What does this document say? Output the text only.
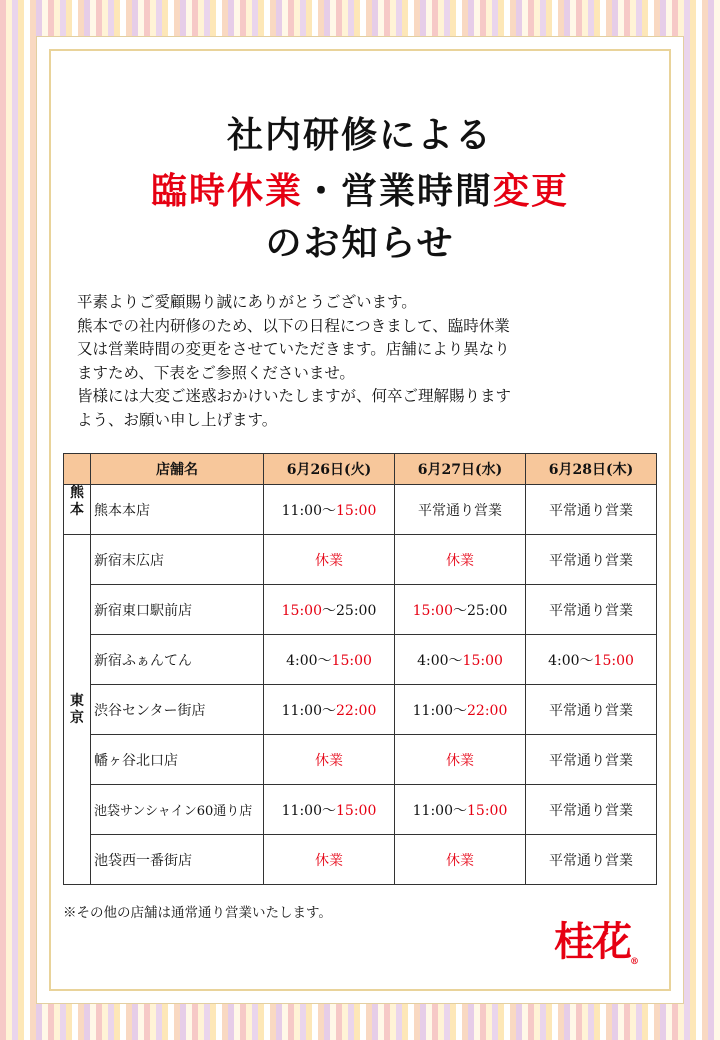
社内研修による
臨時休業・営業時間変更
のお知らせ
平素よりご愛顧賜り誠にありがとうございます。
熊本での社内研修のため、以下の日程につきまして、臨時休業
又は営業時間の変更をさせていただきます。店舗により異なり
ますため、下表をご参照くださいませ。
皆様には大変ご迷惑おかけいたしますが、何卒ご理解賜ります
よう、お願い申し上げます。
	店舗名	6月26日(火)	6月27日(水)	6月28日(木)
熊本	熊本本店	11:00〜15:00	平常通り営業	平常通り営業
東京	新宿末広店	休業	休業	平常通り営業
	新宿東口駅前店	15:00〜25:00	15:00〜25:00	平常通り営業
	新宿ふぁんてん	4:00〜15:00	4:00〜15:00	4:00〜15:00
	渋谷センター街店	11:00〜22:00	11:00〜22:00	平常通り営業
	幡ヶ谷北口店	休業	休業	平常通り営業
	池袋サンシャイン60通り店	11:00〜15:00	11:00〜15:00	平常通り営業
	池袋西一番街店	休業	休業	平常通り営業
※その他の店舗は通常通り営業いたします。
桂花®
